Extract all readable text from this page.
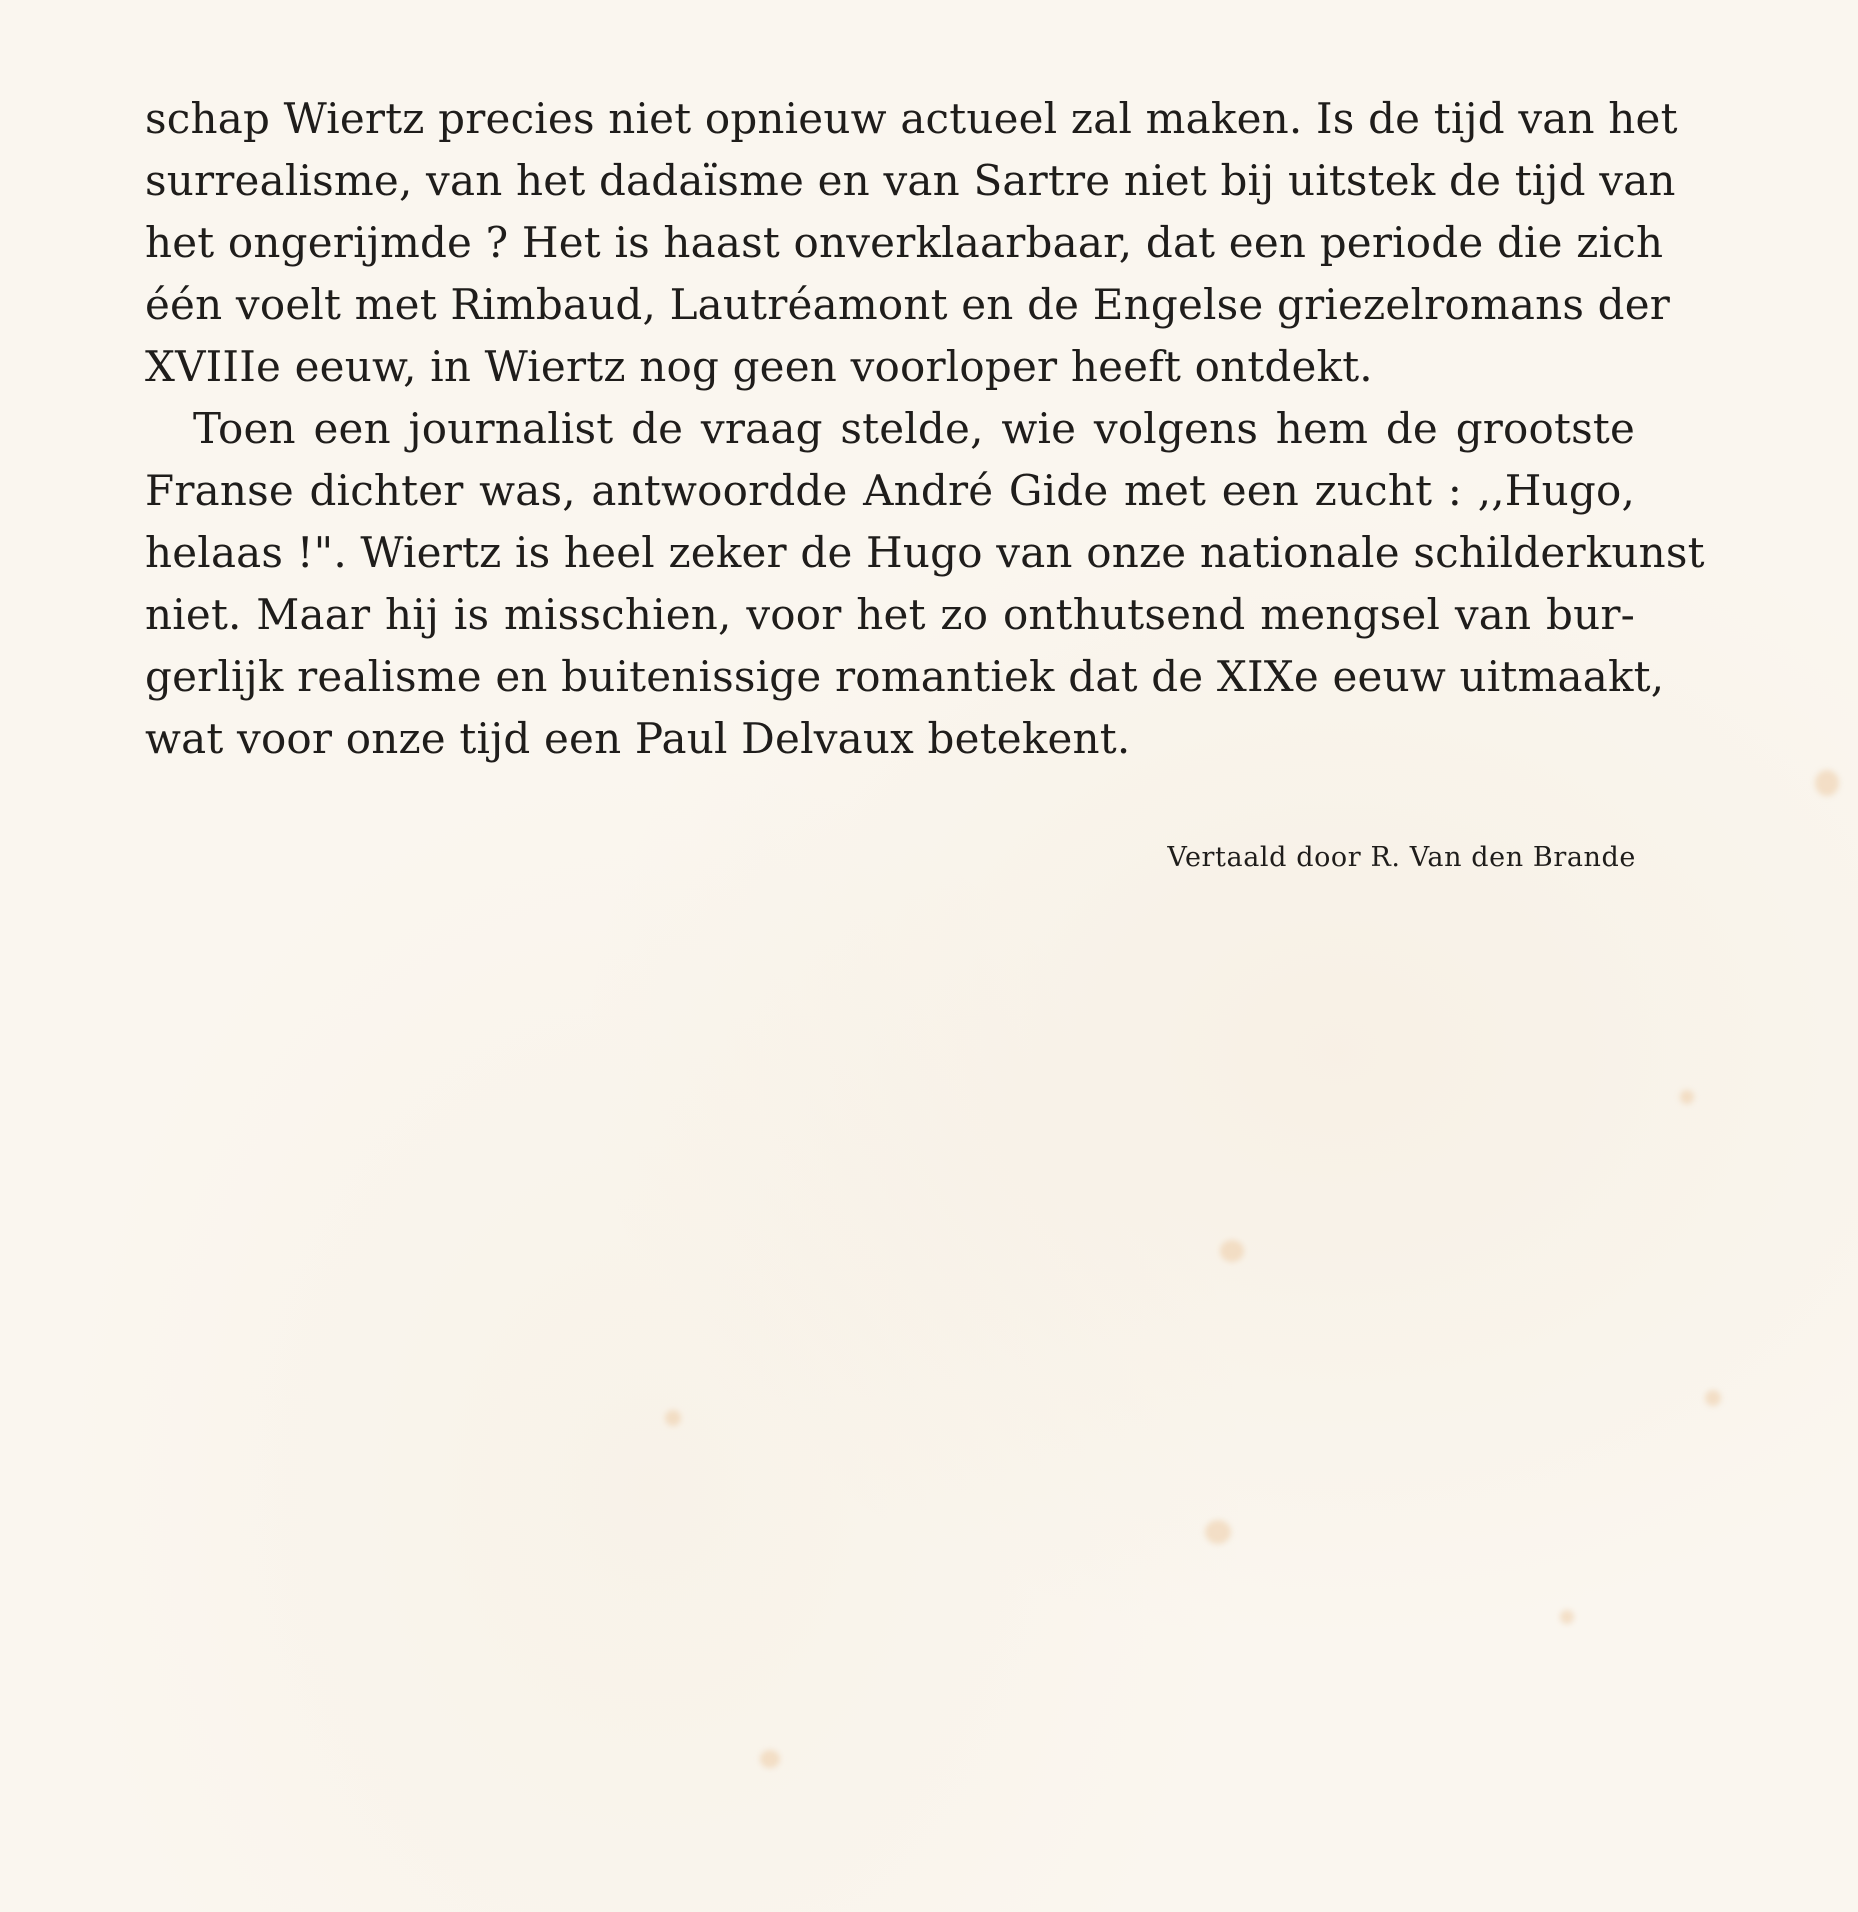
schap Wiertz precies niet opnieuw actueel zal maken. Is de tijd van het
surrealisme, van het dadaïsme en van Sartre niet bij uitstek de tijd van
het ongerijmde ? Het is haast onverklaarbaar, dat een periode die zich
één voelt met Rimbaud, Lautréamont en de Engelse griezelromans der
XVIIIe eeuw, in Wiertz nog geen voorloper heeft ontdekt.
Toen een journalist de vraag stelde, wie volgens hem de grootste
Franse dichter was, antwoordde André Gide met een zucht : ,,Hugo,
helaas !". Wiertz is heel zeker de Hugo van onze nationale schilderkunst
niet. Maar hij is misschien, voor het zo onthutsend mengsel van bur-
gerlijk realisme en buitenissige romantiek dat de XIXe eeuw uitmaakt,
wat voor onze tijd een Paul Delvaux betekent.
Vertaald door R. Van den Brande
